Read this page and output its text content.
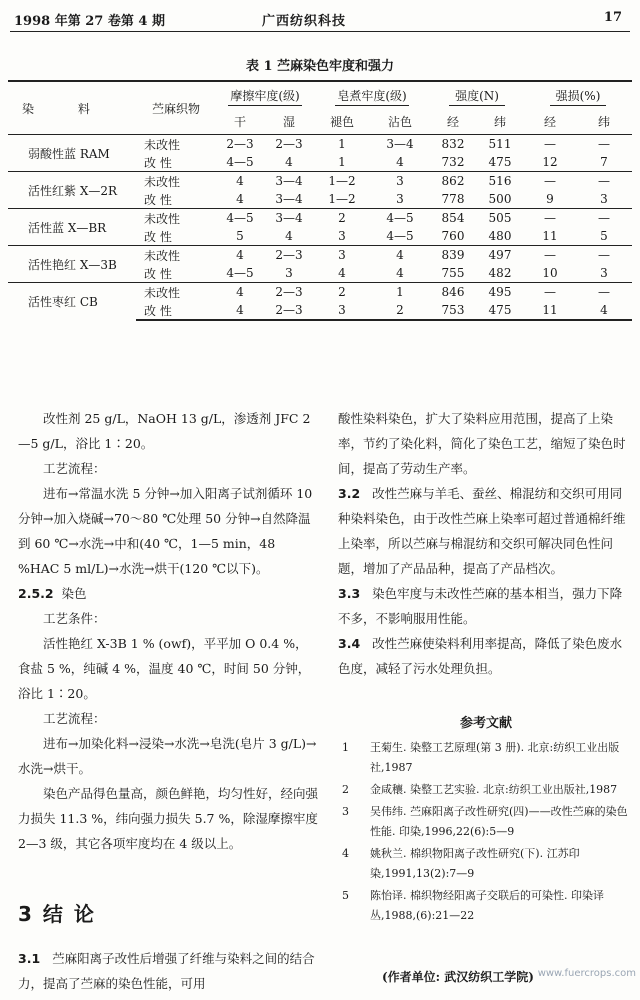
1998 年第 27 卷第 4 期	广西纺织科技	17
表 1 苎麻染色牢度和强力
染 料	苎麻织物	摩擦牢度(级)		皂煮牢度(级)		强度(N)		强损(%)	
		干	湿	褪色	沾色	经	纬	经	纬
弱酸性蓝 RAM	未改性	2—3	2—3	1	3—4	832	511	—	—
	改 性	4—5	4	1	4	732	475	12	7
活性红紫 X—2R	未改性	4	3—4	1—2	3	862	516	—	—
	改 性	4	3—4	1—2	3	778	500	9	3
活性蓝 X—BR	未改性	4—5	3—4	2	4—5	854	505	—	—
	改 性	5	4	3	4—5	760	480	11	5
活性艳红 X—3B	未改性	4	2—3	3	4	839	497	—	—
	改 性	4—5	3	4	4	755	482	10	3
活性枣红 CB	未改性	4	2—3	2	1	846	495	—	—
	改 性	4	2—3	3	2	753	475	11	4

改性剂 25 g/L，NaOH 13 g/L，渗透剂 JFC 2—5 g/L，浴比 1∶20。

工艺流程：

进布→常温水洗 5 分钟→加入阳离子试剂循环 10 分钟→加入烧碱→70～80 ℃处理 50 分钟→自然降温到 60 ℃→水洗→中和(40 ℃，1—5 min，48 %HAC 5 ml/L)→水洗→烘干(120 ℃以下)。

2.5.2 染色

工艺条件：

活性艳红 X-3B 1 % (owf)，平平加 O 0.4 %，食盐 5 %，纯碱 4 %，温度 40 ℃，时间 50 分钟，浴比 1∶20。

工艺流程：

进布→加染化料→浸染→水洗→皂洗(皂片 3 g/L)→水洗→烘干。

染色产品得色量高，颜色鲜艳，均匀性好，经向强力损失 11.3 %，纬向强力损失 5.7 %，除湿摩擦牢度 2—3 级，其它各项牢度均在 4 级以上。

3 结 论
3.1 苎麻阳离子改性后增强了纤维与染料之间的结合力，提高了苎麻的染色性能，可用

酸性染料染色，扩大了染料应用范围，提高了上染率，节约了染化料，简化了染色工艺，缩短了染色时间，提高了劳动生产率。

3.2 改性苎麻与羊毛、蚕丝、棉混纺和交织可用同种染料染色，由于改性苎麻上染率可超过普通棉纤维上染率，所以苎麻与棉混纺和交织可解决同色性问题，增加了产品品种，提高了产品档次。

3.3 染色牢度与未改性苎麻的基本相当，强力下降不多，不影响服用性能。

3.4 改性苎麻使染料利用率提高，降低了染色废水色度，减轻了污水处理负担。

参考文献
1	王菊生. 染整工艺原理(第 3 册). 北京:纺织工业出版社,1987
2	金咸穰. 染整工艺实验. 北京:纺织工业出版社,1987
3	吴伟纬. 苎麻阳离子改性研究(四)——改性苎麻的染色性能. 印染,1996,22(6):5—9
4	姚秋兰. 棉织物阳离子改性研究(下). 江苏印染,1991,13(2):7—9
5	陈怡译. 棉织物经阳离子交联后的可染性. 印染译丛,1988,(6):21—22
(作者单位: 武汉纺织工学院) www.fuercrops.com
